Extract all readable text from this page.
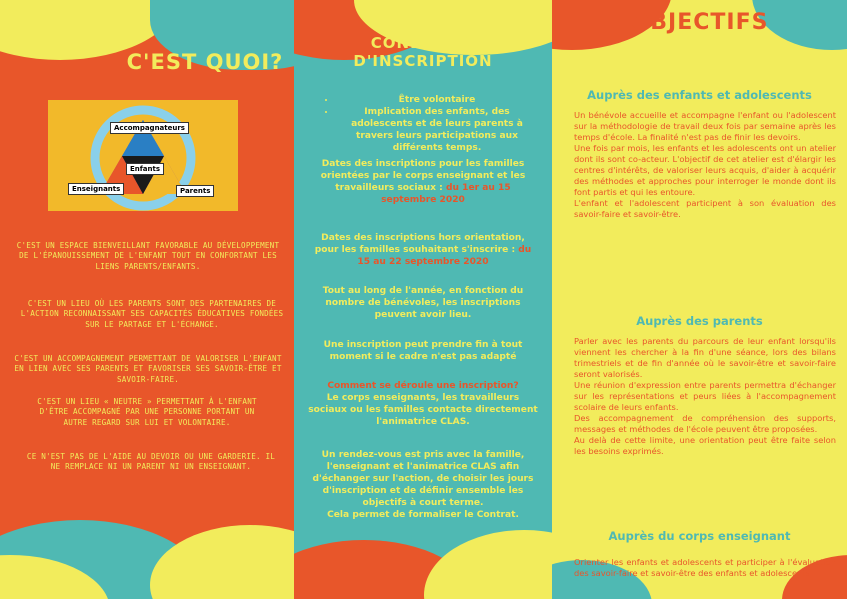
C'EST QUOI?
Accompagnateurs
Enfants
Enseignants	Parents

C'EST UN ESPACE BIENVEILLANT FAVORABLE AU DÉVELOPPEMENT DE L'ÉPANOUISSEMENT DE L'ENFANT TOUT EN CONFORTANT LES LIENS PARENTS/ENFANTS.

C'EST UN LIEU OÙ LES PARENTS SONT DES PARTENAIRES DE L'ACTION RECONNAISSANT SES CAPACITÉS ÉDUCATIVES FONDÉES SUR LE PARTAGE ET L'ÉCHANGE.

C'EST UN ACCOMPAGNEMENT PERMETTANT DE VALORISER L'ENFANT EN LIEN AVEC SES PARENTS ET FAVORISER SES SAVOIR-ÊTRE ET SAVOIR-FAIRE.

C'EST UN LIEU « NEUTRE » PERMETTANT À L'ENFANT D'ÊTRE ACCOMPAGNÉ PAR UNE PERSONNE PORTANT UN AUTRE REGARD SUR LUI ET VOLONTAIRE.

CE N'EST PAS DE L'AIDE AU DEVOIR OU UNE GARDERIE. IL NE REMPLACE NI UN PARENT NI UN ENSEIGNANT.

CONDITION
D'INSCRIPTION
• Être volontaire
• Implication des enfants, des adolescents et de leurs parents à travers leurs participations aux différents temps.

Dates des inscriptions pour les familles orientées par le corps enseignant et les travailleurs sociaux : du 1er au 15 septembre 2020

Dates des inscriptions hors orientation, pour les familles souhaitant s'inscrire : du 15 au 22 septembre 2020

Tout au long de l'année, en fonction du nombre de bénévoles, les inscriptions peuvent avoir lieu.

Une inscription peut prendre fin à tout moment si le cadre n'est pas adapté

Comment se déroule une inscription?

Le corps enseignants, les travailleurs sociaux ou les familles contacte directement l'animatrice CLAS.

Un rendez-vous est pris avec la famille, l'enseignant et l'animatrice CLAS afin d'échanger sur l'action, de choisir les jours d'inscription et de définir ensemble les objectifs à court terme.

Cela permet de formaliser le Contrat.

OBJECTIFS
Auprès des enfants et adolescents

Un bénévole accueille et accompagne l'enfant ou l'adolescent sur la méthodologie de travail deux fois par semaine après les temps d'école. La finalité n'est pas de finir les devoirs.

Une fois par mois, les enfants et les adolescents ont un atelier dont ils sont co-acteur. L'objectif de cet atelier est d'élargir les centres d'intérêts, de valoriser leurs acquis, d'aider à acquérir des méthodes et approches pour interroger le monde dont ils font partis et qui les entoure.

L'enfant et l'adolescent participent à son évaluation des savoir-faire et savoir-être.

Auprès des parents

Parler avec les parents du parcours de leur enfant lorsqu'ils viennent les chercher à la fin d'une séance, lors des bilans trimestriels et de fin d'année où le savoir-être et savoir-faire seront valorisés.

Une réunion d'expression entre parents permettra d'échanger sur les représentations et peurs liées à l'accompagnement scolaire de leurs enfants.

Des accompagnement de compréhension des supports, messages et méthodes de l'école peuvent être proposées.

Au delà de cette limite, une orientation peut être faite selon les besoins exprimés.

Auprès du corps enseignant

Orienter les enfants et adolescents et participer à l'évaluation des savoir-faire et savoir-être des enfants et adolescents.
